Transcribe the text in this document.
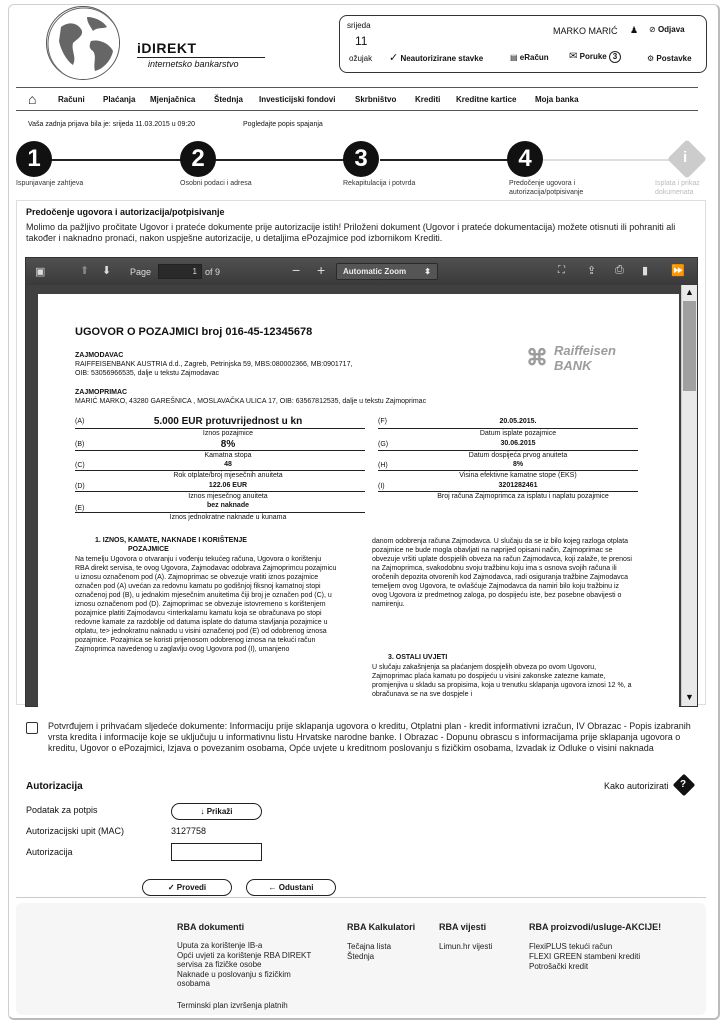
iDIREKT
internetsko bankarstvo
srijeda
11
ožujak ✓ Neautorizirane stavke	▤ eRačun ✉ Poruke 3
MARKO MARIĆ ♟ ⊘ Odjava
⚙ Postavke
⌂	Računi Plaćanja Mjenjačnica Štednja Investicijski fondovi Skrbništvo Krediti Kreditne kartice Moja banka
Vaša zadnja prijava bila je: srijeda 11.03.2015 u 09:20	Pogledajte popis spajanja
1	2	3	4	i
Ispunjavanje zahtjeva	Osobni podaci i adresa	Rekapitulacija i potvrda	Predočenje ugovora i
autorizacija/potpisivanje
Isplata i prikaz
dokumenata
Predočenje ugovora i autorizacija/potpisivanje
Molimo da pažljivo pročitate Ugovor i prateće dokumente prije autorizacije istih! Priloženi dokument (Ugovor i prateće dokumentacija) možete otisnuti ili pohraniti ali također i naknadno pronaći, nakon uspješne autorizacije, u detaljima ePozajmice pod izbornikom Krediti.
▣	⬆ ⬇ Page	1 of 9	− +	Automatic Zoom ⬍	⛶ ⇪ ⎙ ▮ ⏩
UGOVOR O POZAJMICI broj 016-45-12345678
ZAJMODAVAC
RAIFFEISENBANK AUSTRIA d.d., Zagreb, Petrinjska 59, MBS:080002366, MB:0901717,
OIB: 53056966535, dalje u tekstu Zajmodavac
⌘ Raiffeisen
BANK
ZAJMOPRIMAC
MARIĆ MARKO, 43280 GAREŠNICA , MOSLAVAČKA ULICA 17, OIB: 63567812535, dalje u tekstu Zajmoprimac
(A)	5.000 EUR protuvrijednost u kn
Iznos pozajmice
(B)	8%
Kamatna stopa
(C)	48
Rok otplate/broj mjesečnih anuiteta
(D)	122.06 EUR
Iznos mjesečnog anuiteta
(E)	bez naknade
Iznos jednokratne naknade u kunama
(F)	20.05.2015.
Datum isplate pozajmice
(G)	30.06.2015
Datum dospijeća prvog anuiteta
(H)	8%
Visina efektivne kamatne stope (EKS)
(I)	3201282461
Broj računa Zajmoprimca za isplatu i naplatu pozajmice
1. IZNOS, KAMATE, NAKNADE I KORIŠTENJE
POZAJMICE
Na temelju Ugovora o otvaranju i vođenju tekućeg računa, Ugovora o korištenju RBA direkt servisa, te ovog Ugovora, Zajmodavac odobrava Zajmoprimcu pozajmicu u iznosu označenom pod (A). Zajmoprimac se obvezuje vratiti iznos pozajmice označen pod (A) uvećan za redovnu kamatu po godišnjoj fiksnoj kamatnoj stopi označenoj pod (B), u jednakim mjesečnim anuitetima čiji broj je označen pod (C), u iznosu označenom pod (D). Zajmoprimac se obvezuje istovremeno s korištenjem pozajmice platiti Zajmodavcu <interkalarnu kamatu koja se obračunava po stopi redovne kamate za razdoblje od datuma isplate do datuma stavljanja pozajmice u otplatu, te> jednokratnu naknadu u visini označenoj pod (E) od odobrenog iznosa pozajmice. Pozajmica se koristi prijenosom odobrenog iznosa na tekući račun Zajmoprimca navedenog u zaglavlju ovog Ugovora pod (I), umanjeno
danom odobrenja računa Zajmodavca. U slučaju da se iz bilo kojeg razloga otplata pozajmice ne bude mogla obavljati na naprijed opisani način, Zajmoprimac se obvezuje vršiti uplate dospjelih obveza na račun Zajmodavca, koji zalaže, te prenosi na Zajmoprimca, svakodobnu svoju tražbinu koju ima s osnova svojih računa ili oročenih depozita otvorenih kod Zajmodavca, radi osiguranja tražbine Zajmodavca temeljem ovog Ugovora, te ovlašćuje Zajmodavca da namiri bilo koju tražbinu iz ovog Ugovora iz predmetnog zaloga, po dospijeću iste, bez posebne obavijesti o namirenju.
3. OSTALI UVJETI
U slučaju zakašnjenja sa plaćanjem dospjelih obveza po ovom Ugovoru, Zajmoprimac plaća kamatu po dospijeću u visini zakonske zatezne kamate, promjenjiva u skladu sa propisima, koja u trenutku sklapanja ugovora iznosi 12 %, a obračunava se na sve dospjele i
▲
▼
Potvrđujem i prihvaćam sljedeće dokumente: Informaciju prije sklapanja ugovora o kreditu, Otplatni plan - kredit informativni izračun, IV Obrazac - Popis izabranih vrsta kredita i informacije koje se uključuju u informativnu listu Hrvatske narodne banke. I Obrazac - Dopunu obrascu s informacijama prije sklapanja ugovora o kreditu, Ugovor o ePozajmici, Izjava o povezanim osobama, Opće uvjete u kreditnom poslovanju s fizičkim osobama, Izvadak iz Odluke o visini naknada
Autorizacija	Kako autorizirati ?
Podatak za potpis	↓ Prikaži
Autorizacijski upit (MAC)	3127758
Autorizacija
✓ Provedi	← Odustani
RBA dokumenti
Uputa za korištenje IB-a
Opći uvjeti za korištenje RBA DIREKT
servisa za fizičke osobe
Naknade u poslovanju s fizičkim
osobama
Terminski plan izvršenja platnih
RBA Kalkulatori
Tečajna lista
Štednja
RBA vijesti
Limun.hr vijesti
RBA proizvodi/usluge-AKCIJE!
FlexiPLUS tekući račun
FLEXI GREEN stambeni krediti
Potrošački kredit
